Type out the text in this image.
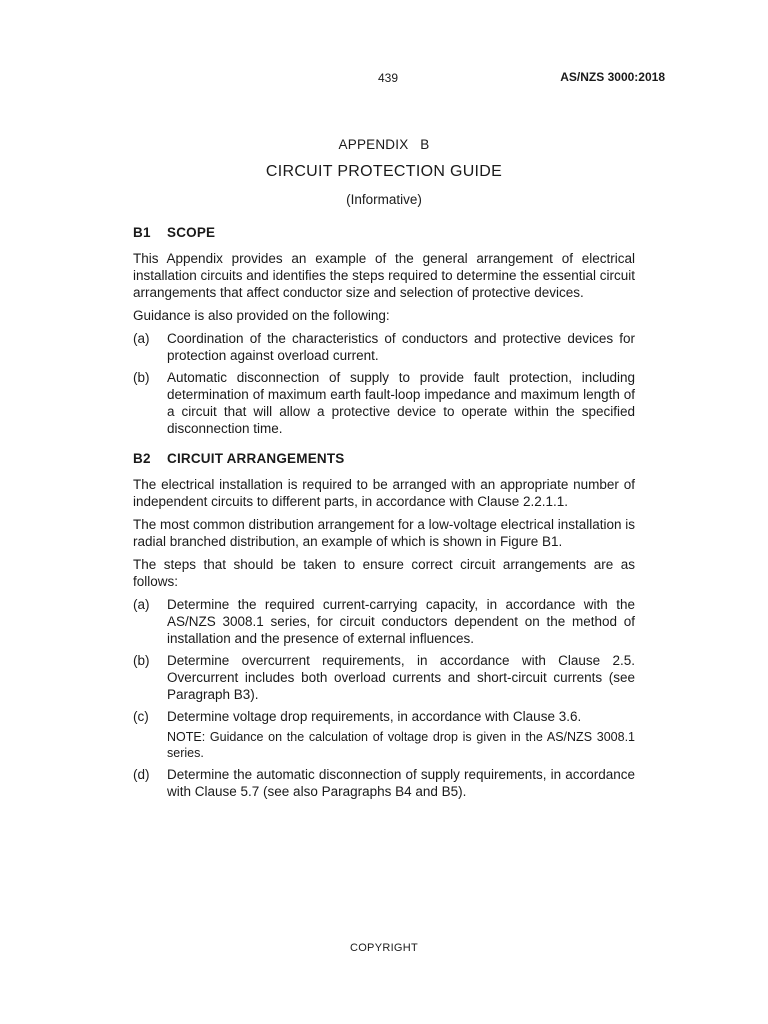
439	AS/NZS 3000:2018
APPENDIX   B
CIRCUIT PROTECTION GUIDE
(Informative)
B1 SCOPE
This Appendix provides an example of the general arrangement of electrical installation circuits and identifies the steps required to determine the essential circuit arrangements that affect conductor size and selection of protective devices.
Guidance is also provided on the following:
(a)	Coordination of the characteristics of conductors and protective devices for protection against overload current.
(b)	Automatic disconnection of supply to provide fault protection, including determination of maximum earth fault-loop impedance and maximum length of a circuit that will allow a protective device to operate within the specified disconnection time.
B2 CIRCUIT ARRANGEMENTS
The electrical installation is required to be arranged with an appropriate number of independent circuits to different parts, in accordance with Clause 2.2.1.1.
The most common distribution arrangement for a low-voltage electrical installation is radial branched distribution, an example of which is shown in Figure B1.
The steps that should be taken to ensure correct circuit arrangements are as follows:
(a)	Determine the required current-carrying capacity, in accordance with the AS/NZS 3008.1 series, for circuit conductors dependent on the method of installation and the presence of external influences.
(b)	Determine overcurrent requirements, in accordance with Clause 2.5. Overcurrent includes both overload currents and short-circuit currents (see Paragraph B3).
(c)	Determine voltage drop requirements, in accordance with Clause 3.6.
NOTE: Guidance on the calculation of voltage drop is given in the AS/NZS 3008.1 series.
(d)	Determine the automatic disconnection of supply requirements, in accordance with Clause 5.7 (see also Paragraphs B4 and B5).
COPYRIGHT
